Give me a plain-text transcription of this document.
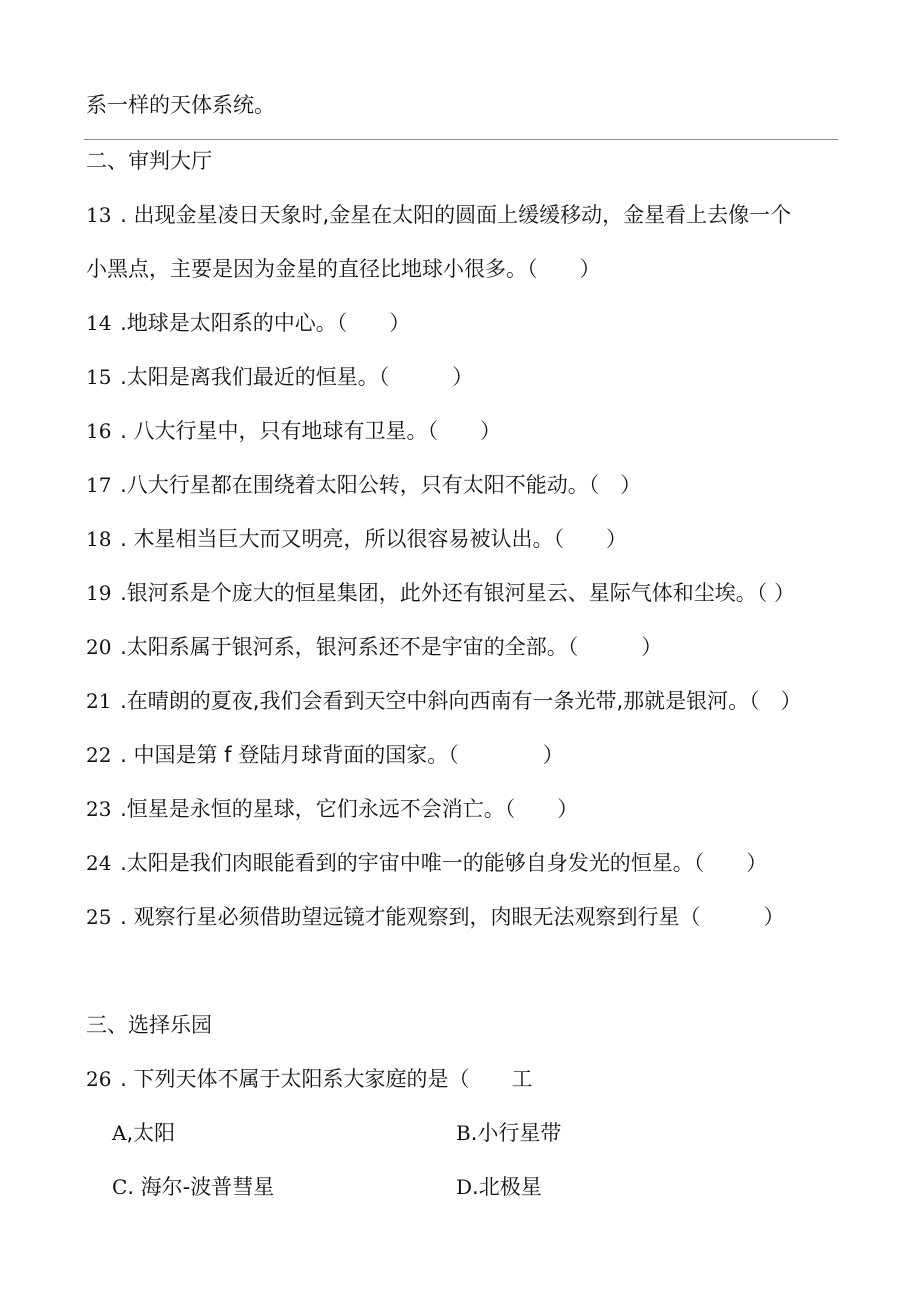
系一样的天体系统。
二、审判大厅
13 . 出现金星凌日天象时,金星在太阳的圆面上缓缓移动，金星看上去像一个
小黑点，主要是因为金星的直径比地球小很多。（　　）
14 .地球是太阳系的中心。（　　）
15 .太阳是离我们最近的恒星。（　　　）
16 . 八大行星中，只有地球有卫星。（　　）
17 .八大行星都在围绕着太阳公转，只有太阳不能动。（　）
18 . 木星相当巨大而又明亮，所以很容易被认出。（　　）
19 .银河系是个庞大的恒星集团，此外还有银河星云、星际气体和尘埃。（ ）
20 .太阳系属于银河系，银河系还不是宇宙的全部。（　　　）
21 .在晴朗的夏夜,我们会看到天空中斜向西南有一条光带,那就是银河。（　）
22 . 中国是第 f 登陆月球背面的国家。（　　　　）
23 .恒星是永恒的星球，它们永远不会消亡。（　　）
24 .太阳是我们肉眼能看到的宇宙中唯一的能够自身发光的恒星。（　　）
25 . 观察行星必须借助望远镜才能观察到，肉眼无法观察到行星（　　　）
三、选择乐园
26 . 下列天体不属于太阳系大家庭的是（　　工
A,太阳	B.小行星带
C. 海尔-波普彗星	D.北极星
